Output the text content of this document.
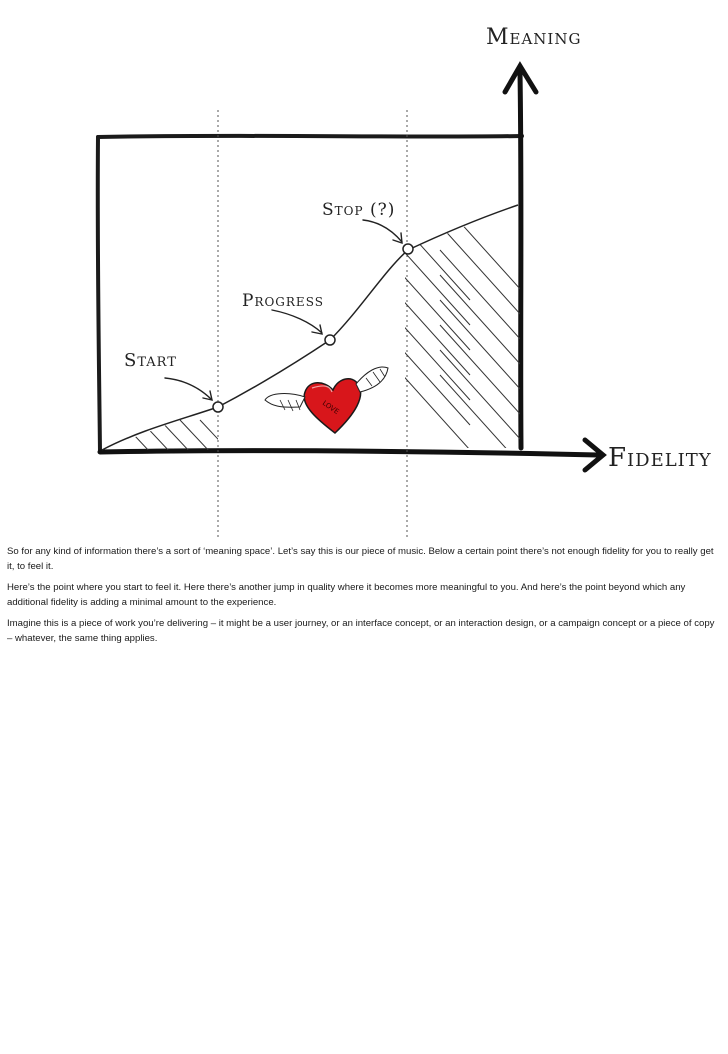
LOVE
Start
Progress
Stop (?)
Meaning
Fidelity

So for any kind of information there’s a sort of ‘meaning space’. Let’s say this is our piece of music. Below a certain point there’s not enough fidelity for you to really get it, to feel it.

Here’s the point where you start to feel it. Here there’s another jump in quality where it becomes more meaningful to you. And here’s the point beyond which any additional fidelity is adding a minimal amount to the experience.

Imagine this is a piece of work you’re delivering – it might be a user journey, or an interface concept, or an interaction design, or a campaign concept or a piece of copy – whatever, the same thing applies.
